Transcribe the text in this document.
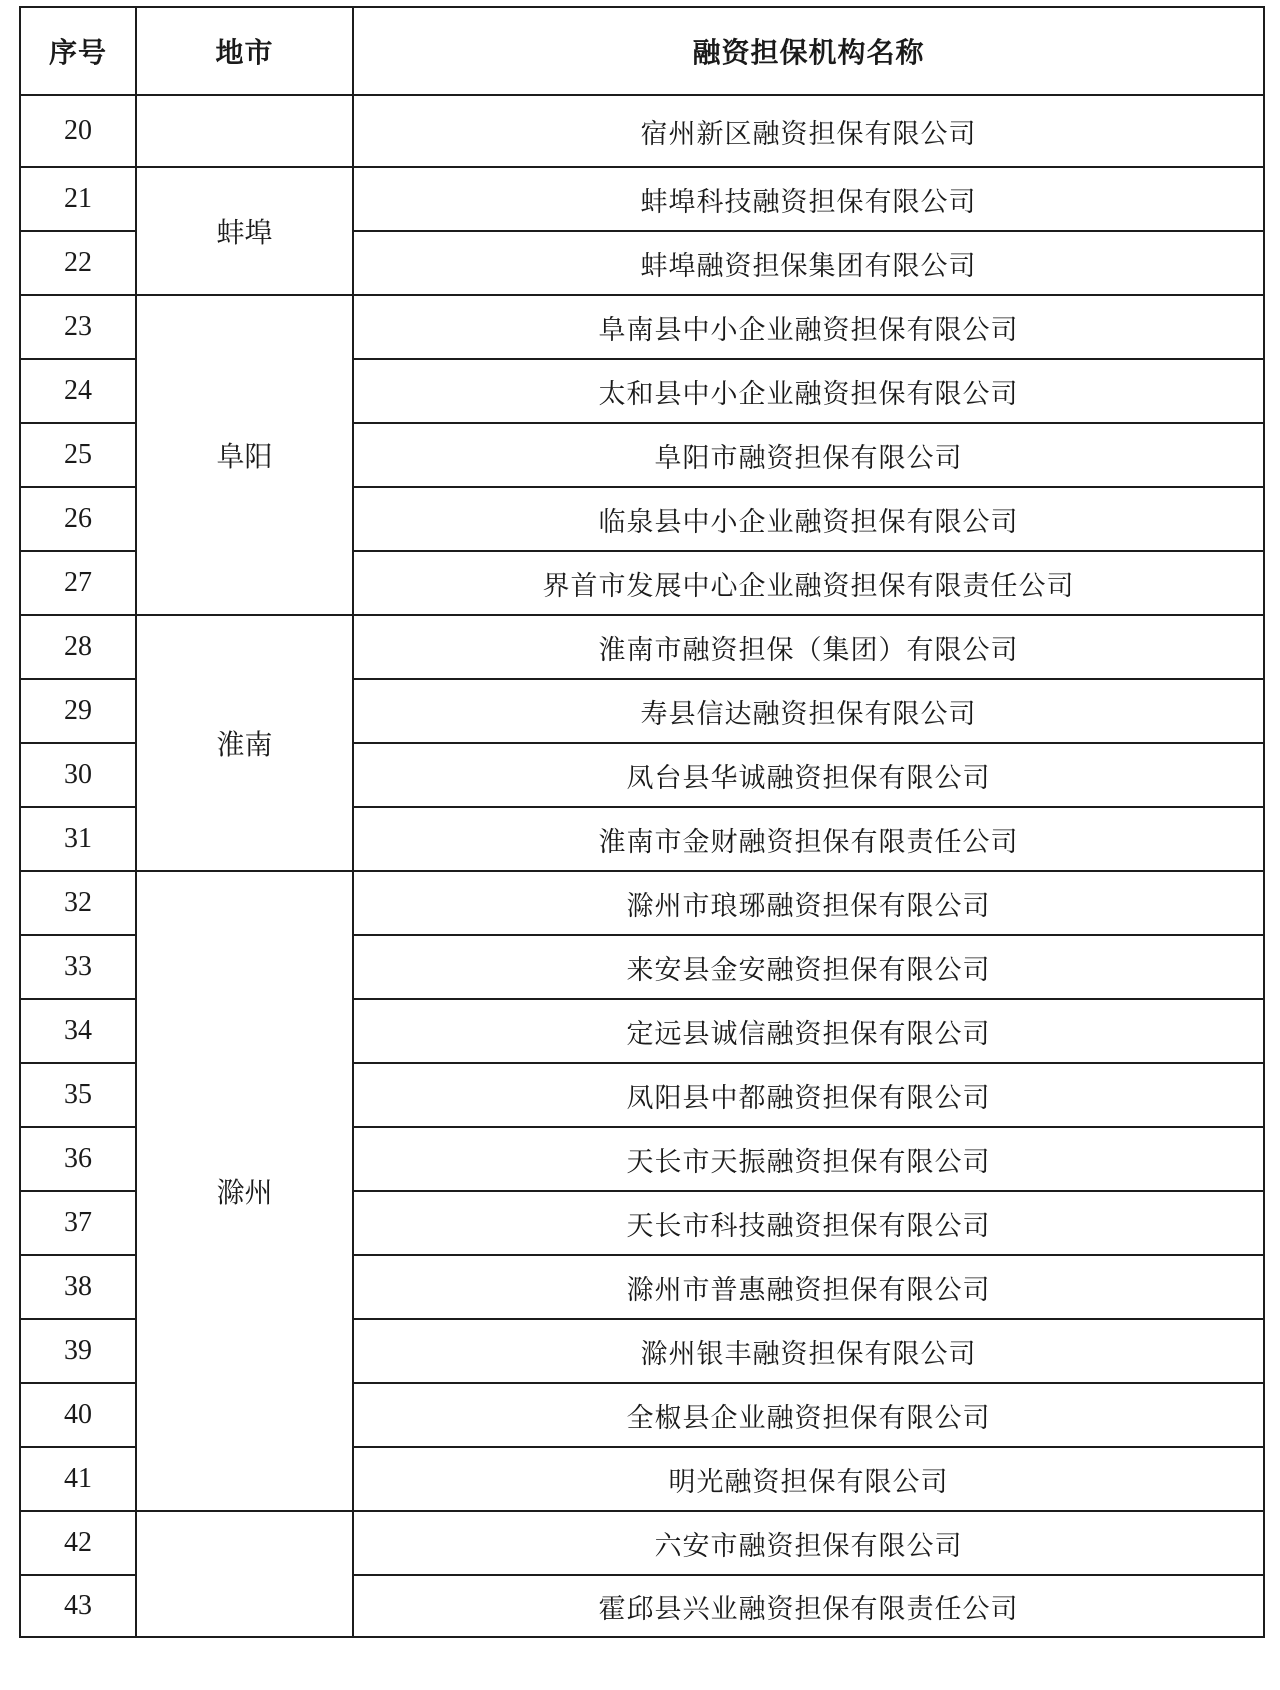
序号	地市	融资担保机构名称
20		宿州新区融资担保有限公司
21	蚌埠	蚌埠科技融资担保有限公司
22		蚌埠融资担保集团有限公司
23	阜阳	阜南县中小企业融资担保有限公司
24		太和县中小企业融资担保有限公司
25		阜阳市融资担保有限公司
26		临泉县中小企业融资担保有限公司
27		界首市发展中心企业融资担保有限责任公司
28	淮南	淮南市融资担保（集团）有限公司
29		寿县信达融资担保有限公司
30		凤台县华诚融资担保有限公司
31		淮南市金财融资担保有限责任公司
32	滁州	滁州市琅琊融资担保有限公司
33		来安县金安融资担保有限公司
34		定远县诚信融资担保有限公司
35		凤阳县中都融资担保有限公司
36		天长市天振融资担保有限公司
37		天长市科技融资担保有限公司
38		滁州市普惠融资担保有限公司
39		滁州银丰融资担保有限公司
40		全椒县企业融资担保有限公司
41		明光融资担保有限公司
42		六安市融资担保有限公司
43		霍邱县兴业融资担保有限责任公司
